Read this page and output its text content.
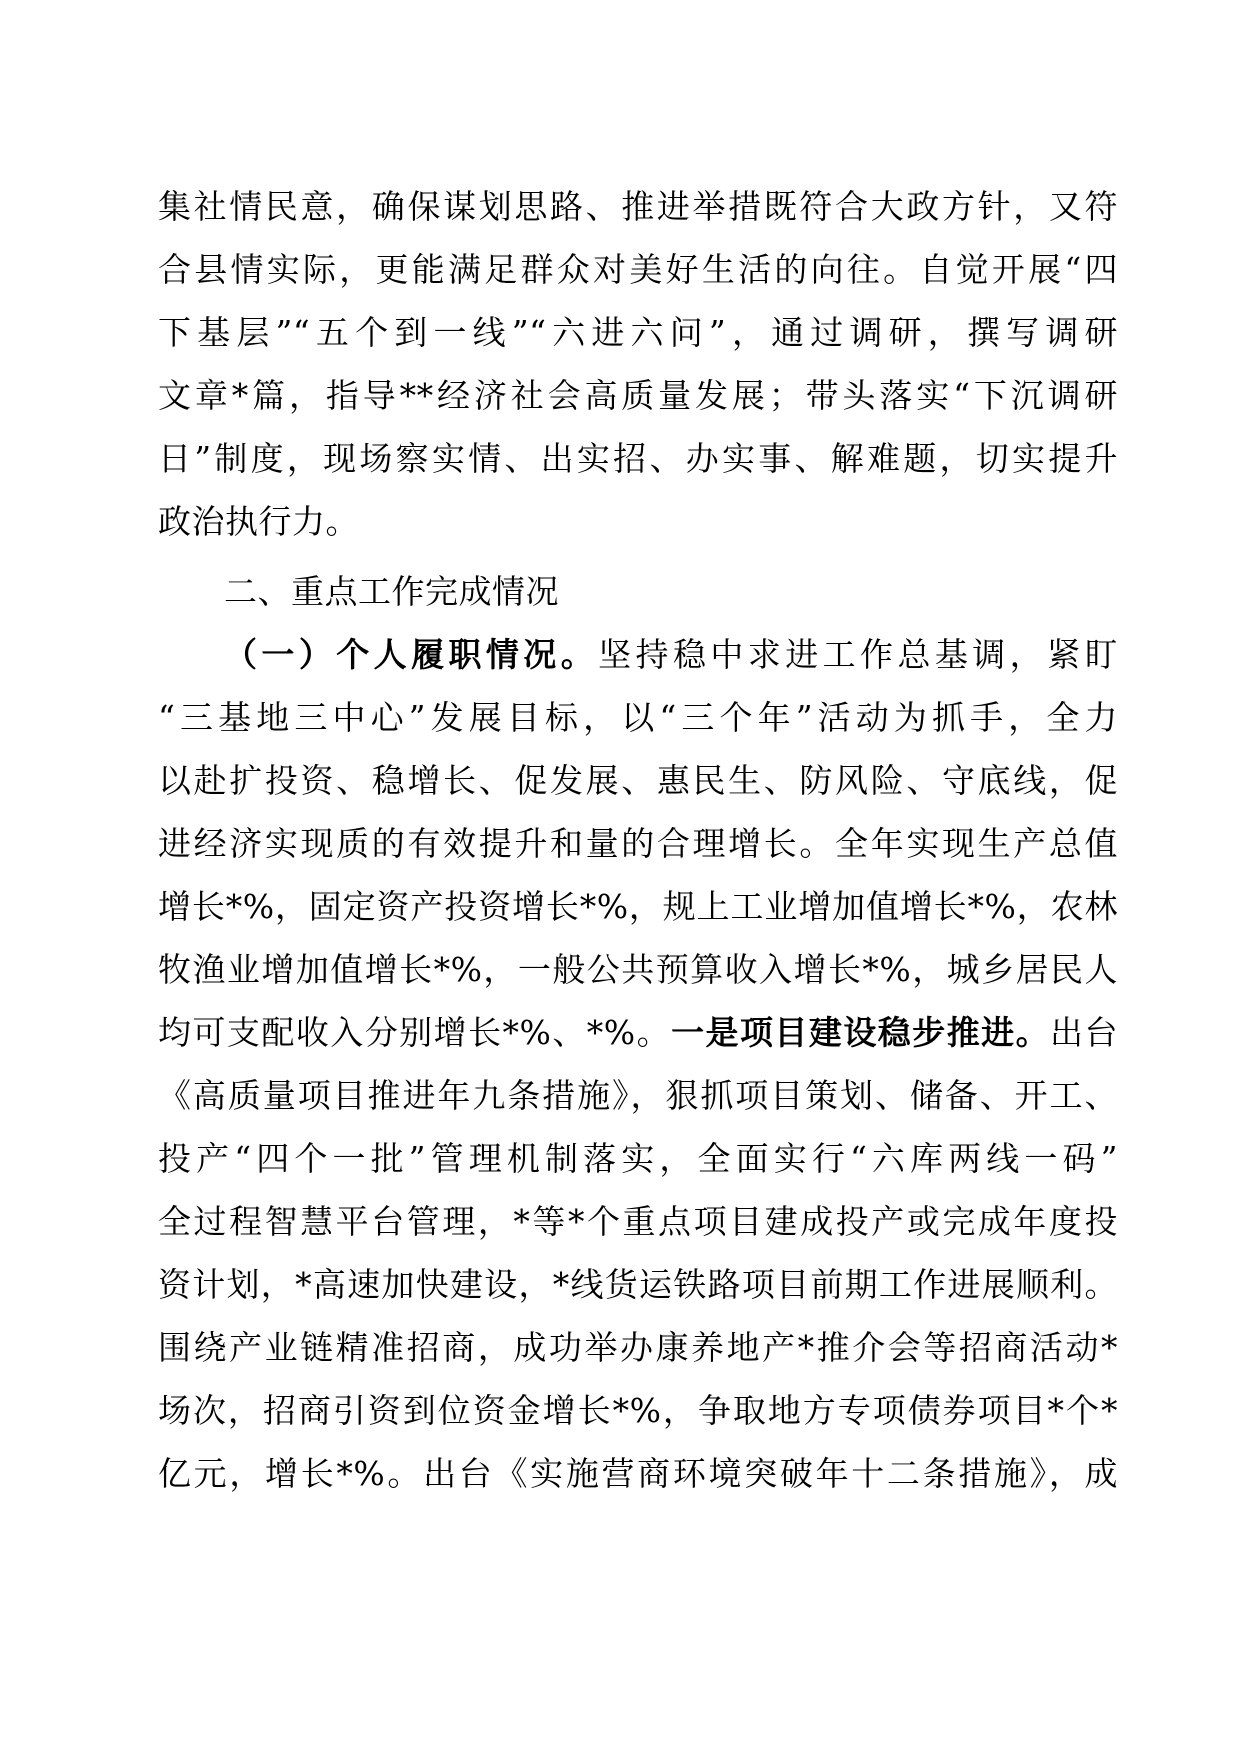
集社情民意，确保谋划思路、推进举措既符合大政方针，又符
合县情实际，更能满足群众对美好生活的向往。自觉开展“四
下基层”“五个到一线”“六进六问”，通过调研，撰写调研
文章*篇，指导**经济社会高质量发展；带头落实“下沉调研
日”制度，现场察实情、出实招、办实事、解难题，切实提升
政治执行力。
二、重点工作完成情况
（一）个人履职情况。坚持稳中求进工作总基调，紧盯
“三基地三中心”发展目标，以“三个年”活动为抓手，全力
以赴扩投资、稳增长、促发展、惠民生、防风险、守底线，促
进经济实现质的有效提升和量的合理增长。全年实现生产总值
增长*%，固定资产投资增长*%，规上工业增加值增长*%，农林
牧渔业增加值增长*%，一般公共预算收入增长*%，城乡居民人
均可支配收入分别增长*%、*%。一是项目建设稳步推进。出台
《高质量项目推进年九条措施》，狠抓项目策划、储备、开工、
投产“四个一批”管理机制落实，全面实行“六库两线一码”
全过程智慧平台管理，*等*个重点项目建成投产或完成年度投
资计划，*高速加快建设，*线货运铁路项目前期工作进展顺利。
围绕产业链精准招商，成功举办康养地产*推介会等招商活动*
场次，招商引资到位资金增长*%，争取地方专项债券项目*个*
亿元，增长*%。出台《实施营商环境突破年十二条措施》，成
